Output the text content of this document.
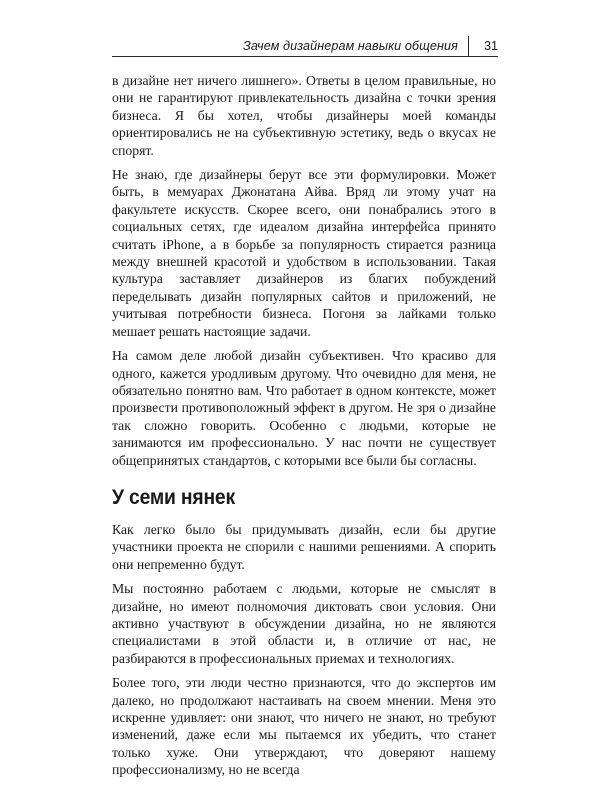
Зачем дизайнерам навыки общения 31

в дизайне нет ничего лишнего». Ответы в целом правильные, но они не гарантируют привлекательность дизайна с точки зрения бизнеса. Я бы хотел, чтобы дизайнеры моей команды ориентировались не на субъективную эстетику, ведь о вкусах не спорят.

Не знаю, где дизайнеры берут все эти формулировки. Может быть, в мемуарах Джонатана Айва. Вряд ли этому учат на факультете искусств. Скорее всего, они понабрались этого в социальных сетях, где идеалом дизайна интерфейса принято считать iPhone, а в борьбе за популярность стирается разница между внешней красотой и удобством в использовании. Такая культура заставляет дизайнеров из благих побуждений переделывать дизайн популярных сайтов и приложений, не учитывая потребности бизнеса. Погоня за лайками только мешает решать настоящие задачи.

На самом деле любой дизайн субъективен. Что красиво для одного, кажется уродливым другому. Что очевидно для меня, не обязательно понятно вам. Что работает в одном контексте, может произвести противоположный эффект в другом. Не зря о дизайне так сложно говорить. Особенно с людьми, которые не занимаются им профессионально. У нас почти не существует общепринятых стандартов, с которыми все были бы согласны.

У семи нянек

Как легко было бы придумывать дизайн, если бы другие участники проекта не спорили с нашими решениями. А спорить они непременно будут.

Мы постоянно работаем с людьми, которые не смыслят в дизайне, но имеют полномочия диктовать свои условия. Они активно участвуют в обсуждении дизайна, но не являются специалистами в этой области и, в отличие от нас, не разбираются в профессиональных приемах и технологиях.

Более того, эти люди честно признаются, что до экспертов им далеко, но продолжают настаивать на своем мнении. Меня это искренне удивляет: они знают, что ничего не знают, но требуют изменений, даже если мы пытаемся их убедить, что станет только хуже. Они утверждают, что доверяют нашему профессионализму, но не всегда
